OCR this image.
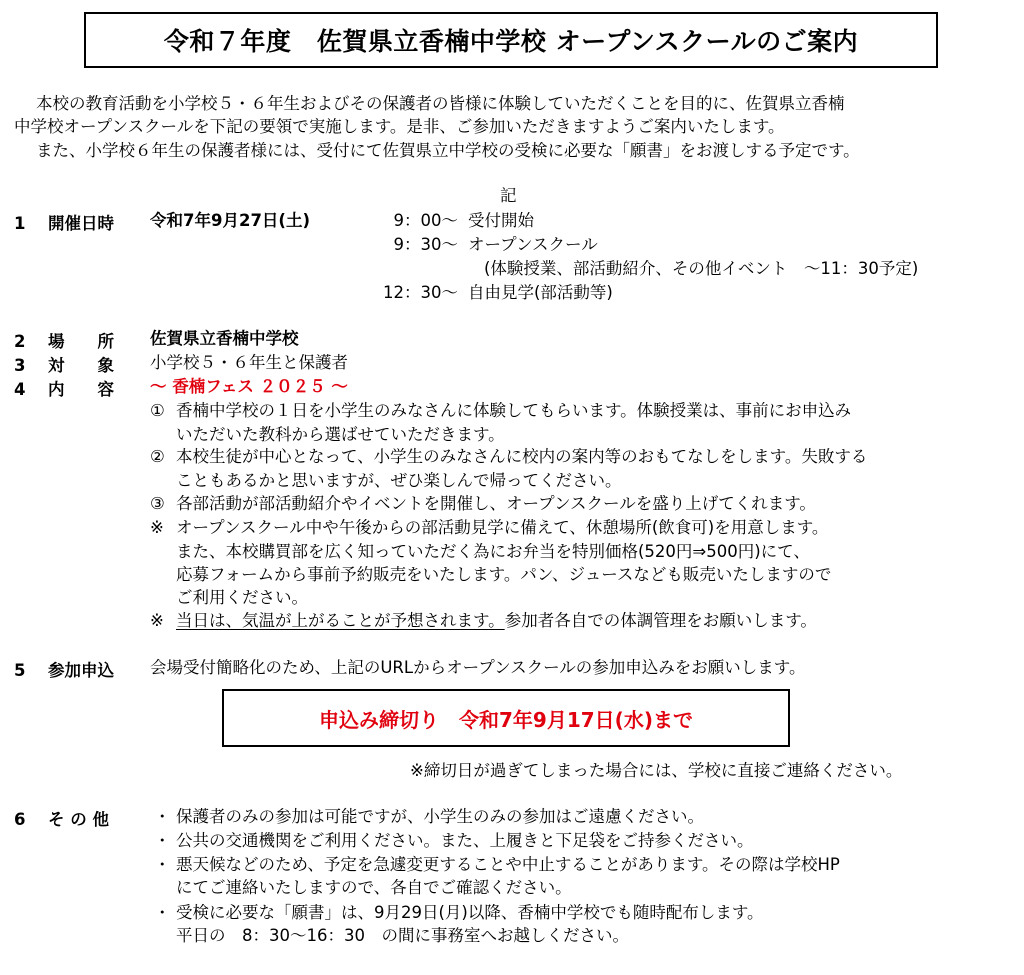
令和７年度　佐賀県立香楠中学校 オープンスクールのご案内
本校の教育活動を小学校５・６年生およびその保護者の皆様に体験していただくことを目的に、佐賀県立香楠
中学校オープンスクールを下記の要領で実施します。是非、ご参加いただきますようご案内いたします。
また、小学校６年生の保護者様には、受付にて佐賀県立中学校の受検に必要な「願書」をお渡しする予定です。
記
1 開催日時	令和7年9月27日(土)	9：00～ 受付開始
9：30～ オープンスクール
(体験授業、部活動紹介、その他イベント　～11：30予定)
12：30～ 自由見学(部活動等)
2 場　　所	佐賀県立香楠中学校
3 対　　象	小学校５・６年生と保護者
4 内　　容	～ 香楠フェス ２０２５ ～
① 香楠中学校の１日を小学生のみなさんに体験してもらいます。体験授業は、事前にお申込み
いただいた教科から選ばせていただきます。
② 本校生徒が中心となって、小学生のみなさんに校内の案内等のおもてなしをします。失敗する
こともあるかと思いますが、ぜひ楽しんで帰ってください。
③ 各部活動が部活動紹介やイベントを開催し、オープンスクールを盛り上げてくれます。
※ オープンスクール中や午後からの部活動見学に備えて、休憩場所(飲食可)を用意します。
また、本校購買部を広く知っていただく為にお弁当を特別価格(520円⇒500円)にて、
応募フォームから事前予約販売をいたします。パン、ジュースなども販売いたしますので
ご利用ください。
※ 当日は、気温が上がることが予想されます。参加者各自での体調管理をお願いします。
5 参加申込	会場受付簡略化のため、上記のURLからオープンスクールの参加申込みをお願いします。
申込み締切り　令和7年9月17日(水)まで
※締切日が過ぎてしまった場合には、学校に直接ご連絡ください。
6 そ の 他	・ 保護者のみの参加は可能ですが、小学生のみの参加はご遠慮ください。
・ 公共の交通機関をご利用ください。また、上履きと下足袋をご持参ください。
・ 悪天候などのため、予定を急遽変更することや中止することがあります。その際は学校HP
にてご連絡いたしますので、各自でご確認ください。
・ 受検に必要な「願書」は、9月29日(月)以降、香楠中学校でも随時配布します。
平日の　8：30～16：30　の間に事務室へお越しください。
